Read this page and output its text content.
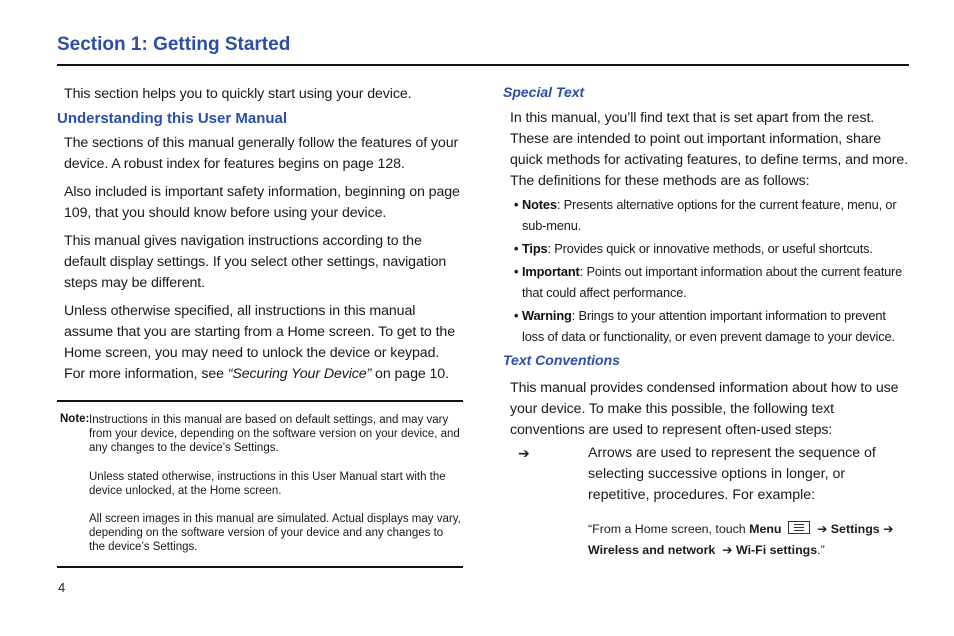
Section 1: Getting Started

This section helps you to quickly start using your device.

Understanding this User Manual

The sections of this manual generally follow the features of your device. A robust index for features begins on page 128.

Also included is important safety information, beginning on page 109, that you should know before using your device.

This manual gives navigation instructions according to the default display settings. If you select other settings, navigation steps may be different.

Unless otherwise specified, all instructions in this manual assume that you are starting from a Home screen. To get to the Home screen, you may need to unlock the device or keypad. For more information, see “Securing Your Device” on page 10.

Note: Instructions in this manual are based on default settings, and may vary from your device, depending on the software version on your device, and any changes to the device’s Settings.

Unless stated otherwise, instructions in this User Manual start with the device unlocked, at the Home screen.

All screen images in this manual are simulated. Actual displays may vary, depending on the software version of your device and any changes to the device’s Settings.

Special Text

In this manual, you’ll find text that is set apart from the rest. These are intended to point out important information, share quick methods for activating features, to define terms, and more. The definitions for these methods are as follows:

• Notes: Presents alternative options for the current feature, menu, or sub-menu.
• Tips: Provides quick or innovative methods, or useful shortcuts.
• Important: Points out important information about the current feature that could affect performance.
• Warning: Brings to your attention important information to prevent loss of data or functionality, or even prevent damage to your device.
Text Conventions

This manual provides condensed information about how to use your device. To make this possible, the following text conventions are used to represent often-used steps:

➔	Arrows are used to represent the sequence of selecting successive options in longer, or repetitive, procedures. For example:

“From a Home screen, touch Menu	➔ Settings ➔
Wireless and network ➔ Wi-Fi settings.”
4
